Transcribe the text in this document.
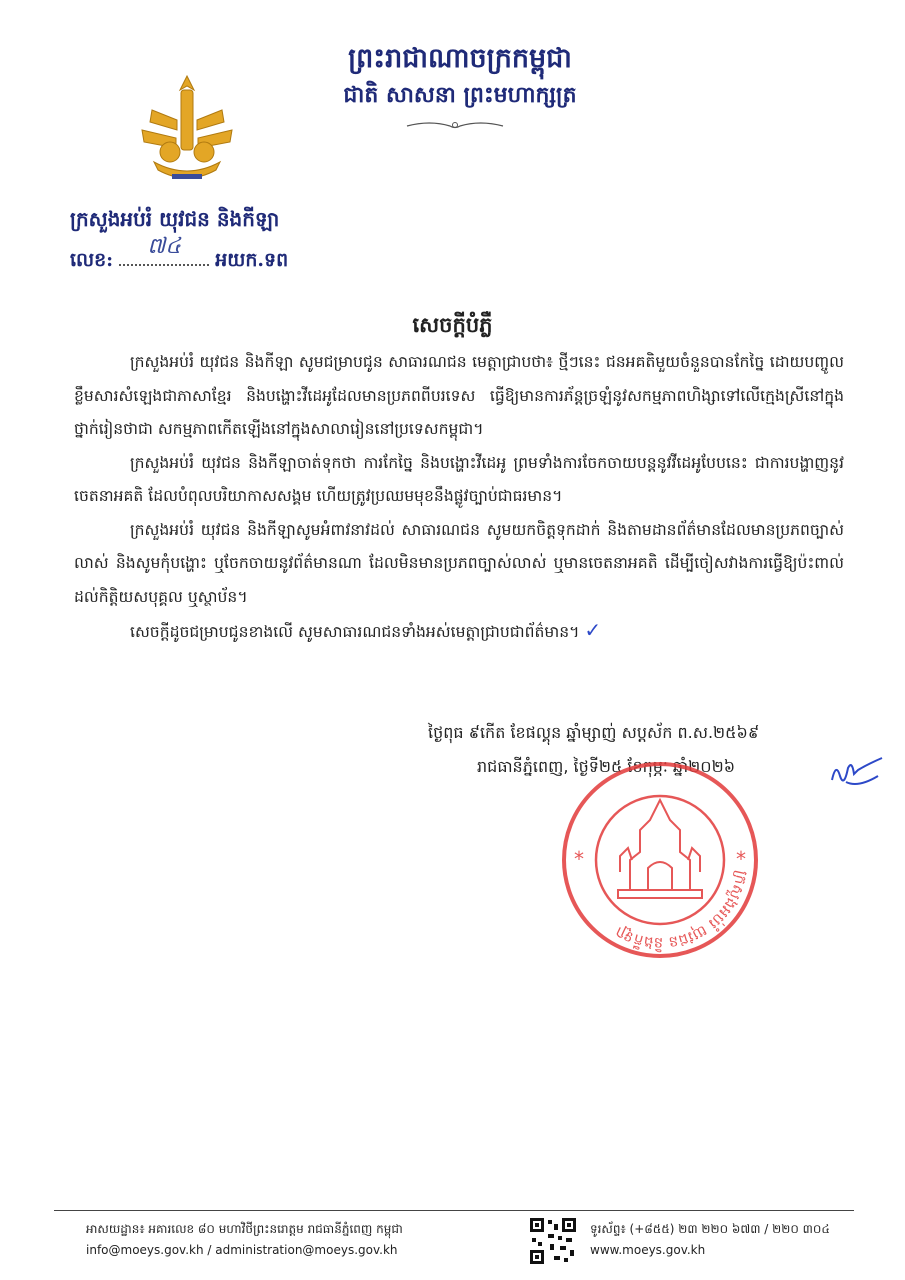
ព្រះរាជាណាចក្រកម្ពុជា
ជាតិ សាសនា ព្រះមហាក្សត្រ
ក្រសួងអប់រំ យុវជន និងកីឡា
លេខ:
៧៤
អយក.ទព
សេចក្តីបំភ្លឺ

ក្រសួងអប់រំ យុវជន និងកីឡា សូមជម្រាបជូន សាធារណជន មេត្តាជ្រាបថា៖ ថ្មីៗនេះ ជនអគតិមួយចំនួនបានកែច្នៃ ដោយបញ្ចូលខ្លឹមសារសំឡេងជាភាសាខ្មែរ និងបង្ហោះវីដេអូដែលមានប្រភពពីបរទេស ធ្វើឱ្យមានការភ័ន្តច្រឡំនូវសកម្មភាពហិង្សាទៅលើក្មេងស្រីនៅក្នុងថ្នាក់រៀនថាជា សកម្មភាពកើតឡើងនៅក្នុងសាលារៀននៅប្រទេសកម្ពុជា។

ក្រសួងអប់រំ យុវជន និងកីឡាចាត់ទុកថា ការកែច្នៃ និងបង្ហោះវីដេអូ ព្រមទាំងការចែកចាយបន្តនូវវីដេអូបែបនេះ ជាការបង្ហាញនូវចេតនាអគតិ ដែលបំពុលបរិយាកាសសង្គម ហើយត្រូវប្រឈមមុខនឹងផ្លូវច្បាប់ជាធរមាន។

ក្រសួងអប់រំ យុវជន និងកីឡាសូមអំពាវនាវដល់ សាធារណជន សូមយកចិត្តទុកដាក់ និងតាមដានព័ត៌មានដែលមានប្រភពច្បាស់លាស់ និងសូមកុំបង្ហោះ ឬចែកចាយនូវព័ត៌មានណា ដែលមិនមានប្រភពច្បាស់លាស់ ឬមានចេតនាអគតិ ដើម្បីចៀសវាងការធ្វើឱ្យប៉ះពាល់ដល់កិត្តិយសបុគ្គល ឬស្ថាប័ន។

សេចក្តីដូចជម្រាបជូនខាងលើ សូមសាធារណជនទាំងអស់មេត្តាជ្រាបជាព័ត៌មាន។ ✓

ថ្ងៃពុធ ៩កើត ខែផល្គុន ឆ្នាំម្សាញ់ សប្តស័ក ព.ស.២៥៦៩
រាជធានីភ្នំពេញ, ថ្ងៃទី២៥ ខែកុម្ភៈ ឆ្នាំ២០២៦
ក្រសួងអប់រំ យុវជន និងកីឡា
*	*
អាសយដ្ឋាន៖ អគារលេខ ៨០ មហាវិថីព្រះនរោត្តម រាជធានីភ្នំពេញ កម្ពុជា
info@moeys.gov.kh / administration@moeys.gov.kh
ទូរស័ព្ទ៖ (+៨៥៥) ២៣ ២២០ ៦៧៣ / ២២០ ៣០៤
www.moeys.gov.kh
